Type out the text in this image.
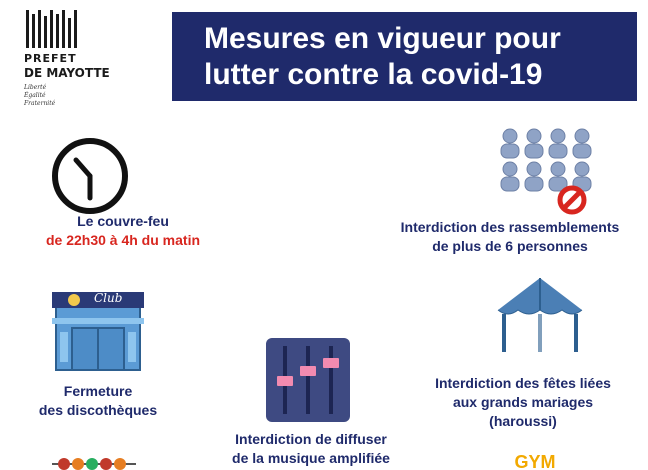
PREFET
DE MAYOTTE
Liberté
Égalité
Fraternité
Mesures en vigueur pour
lutter contre la covid-19
Le couvre-feu
de 22h30 à 4h du matin
Interdiction des rassemblements
de plus de 6 personnes
Club
Fermeture
des discothèques
Interdiction de diffuser
de la musique amplifiée
Interdiction des fêtes liées
aux grands mariages
(haroussi)
GYM
